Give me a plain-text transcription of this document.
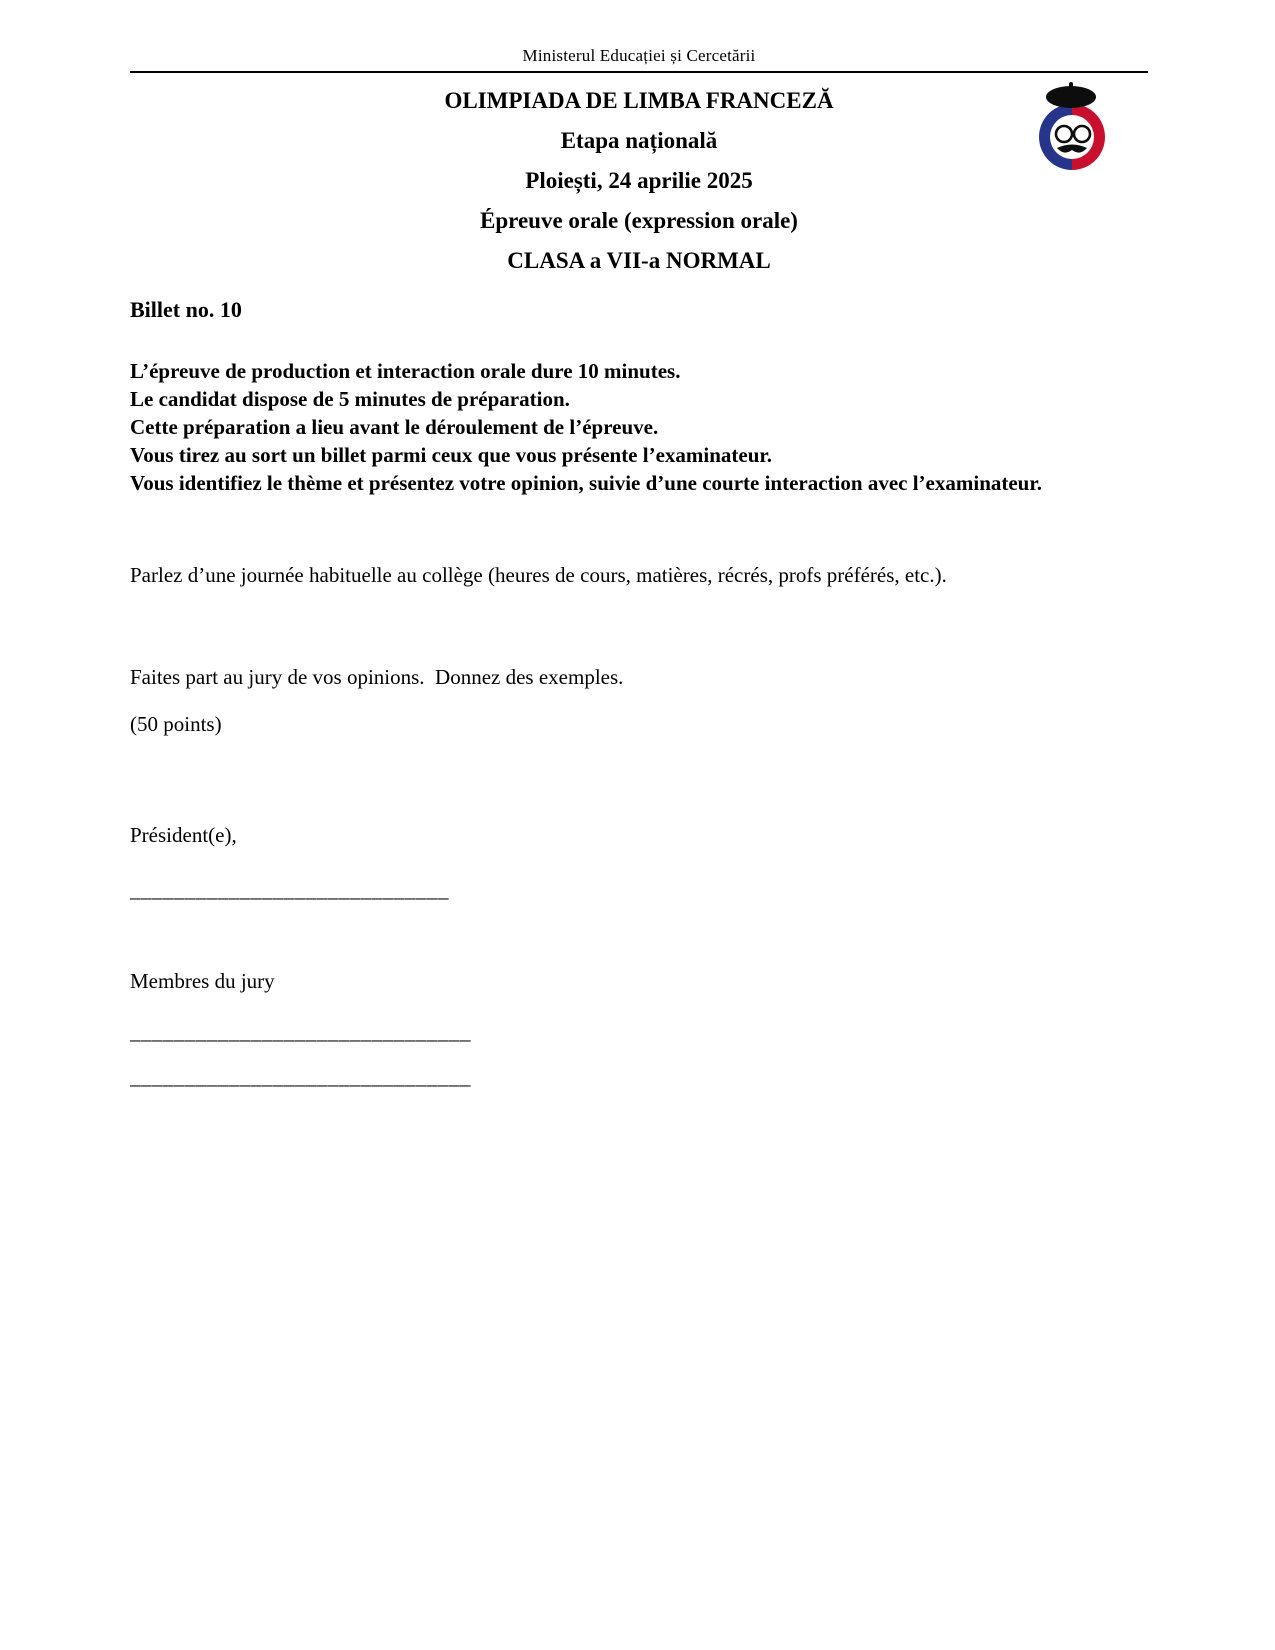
Ministerul Educației și Cercetării
OLIMPIADA DE LIMBA FRANCEZĂ
Etapa națională
Ploiești, 24 aprilie 2025
Épreuve orale (expression orale)
CLASA a VII-a NORMAL
Billet no. 10
L’épreuve de production et interaction orale dure 10 minutes.
Le candidat dispose de 5 minutes de préparation.
Cette préparation a lieu avant le déroulement de l’épreuve.
Vous tirez au sort un billet parmi ceux que vous présente l’examinateur.
Vous identifiez le thème et présentez votre opinion, suivie d’une courte interaction avec l’examinateur.
Parlez d’une journée habituelle au collège (heures de cours, matières, récrés, profs préférés, etc.).
Faites part au jury de vos opinions.  Donnez des exemples.
(50 points)
Président(e),
_____________________________
Membres du jury
_______________________________
_______________________________
